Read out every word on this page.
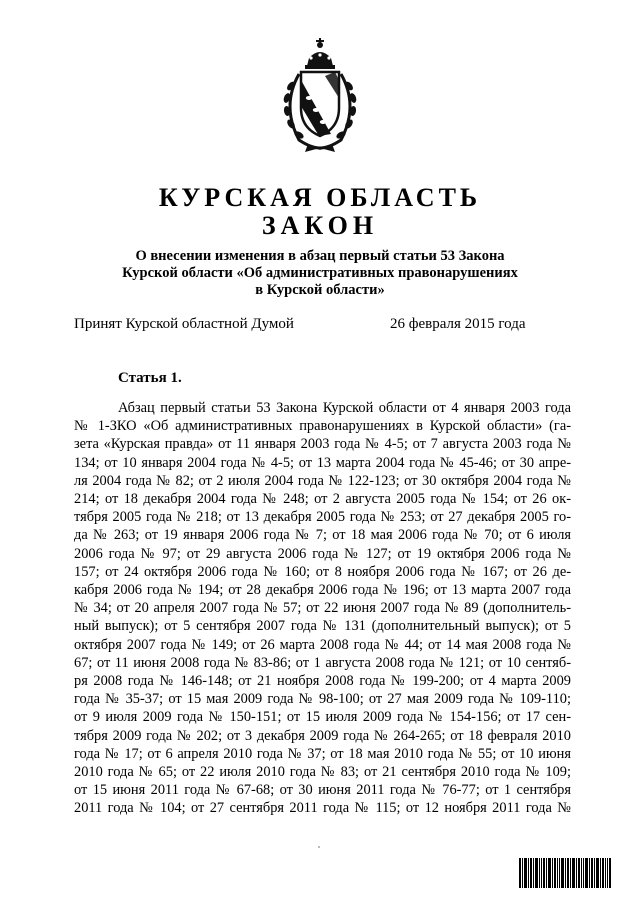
КУРСКАЯ ОБЛАСТЬ
ЗАКОН
О внесении изменения в абзац первый статьи 53 Закона
Курской области «Об административных правонарушениях
в Курской области»
Принят Курской областной Думой	26 февраля 2015 года
Статья 1.
Абзац первый статьи 53 Закона Курской области от 4 января 2003 года
№ 1-ЗКО «Об административных правонарушениях в Курской области» (га-
зета «Курская правда» от 11 января 2003 года № 4-5; от 7 августа 2003 года №
134; от 10 января 2004 года № 4-5; от 13 марта 2004 года № 45-46; от 30 апре-
ля 2004 года № 82; от 2 июля 2004 года № 122-123; от 30 октября 2004 года №
214; от 18 декабря 2004 года № 248; от 2 августа 2005 года № 154; от 26 ок-
тября 2005 года № 218; от 13 декабря 2005 года № 253; от 27 декабря 2005 го-
да № 263; от 19 января 2006 года № 7; от 18 мая 2006 года № 70; от 6 июля
2006 года № 97; от 29 августа 2006 года № 127; от 19 октября 2006 года №
157; от 24 октября 2006 года № 160; от 8 ноября 2006 года № 167; от 26 де-
кабря 2006 года № 194; от 28 декабря 2006 года № 196; от 13 марта 2007 года
№ 34; от 20 апреля 2007 года № 57; от 22 июня 2007 года № 89 (дополнитель-
ный выпуск); от 5 сентября 2007 года № 131 (дополнительный выпуск); от 5
октября 2007 года № 149; от 26 марта 2008 года № 44; от 14 мая 2008 года №
67; от 11 июня 2008 года № 83-86; от 1 августа 2008 года № 121; от 10 сентяб-
ря 2008 года № 146-148; от 21 ноября 2008 года № 199-200; от 4 марта 2009
года № 35-37; от 15 мая 2009 года № 98-100; от 27 мая 2009 года № 109-110;
от 9 июля 2009 года № 150-151; от 15 июля 2009 года № 154-156; от 17 сен-
тября 2009 года № 202; от 3 декабря 2009 года № 264-265; от 18 февраля 2010
года № 17; от 6 апреля 2010 года № 37; от 18 мая 2010 года № 55; от 10 июня
2010 года № 65; от 22 июля 2010 года № 83; от 21 сентября 2010 года № 109;
от 15 июня 2011 года № 67-68; от 30 июня 2011 года № 76-77; от 1 сентября
2011 года № 104; от 27 сентября 2011 года № 115; от 12 ноября 2011 года №
